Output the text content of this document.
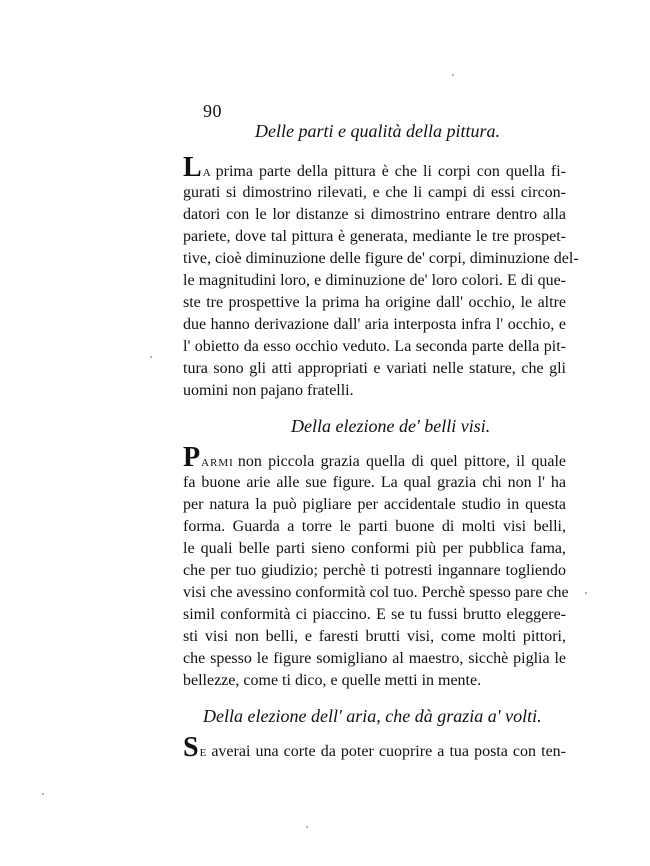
90
Delle parti e qualità della pittura.
LA prima parte della pittura è che li corpi con quella fi-
gurati si dimostrino rilevati, e che li campi di essi circon-
datori con le lor distanze si dimostrino entrare dentro alla
pariete, dove tal pittura è generata, mediante le tre prospet-
tive, cioè diminuzione delle figure de' corpi, diminuzione del-
le magnitudini loro, e diminuzione de' loro colori. E di que-
ste tre prospettive la prima ha origine dall' occhio, le altre
due hanno derivazione dall' aria interposta infra l' occhio, e
l' obietto da esso occhio veduto. La seconda parte della pit-
tura sono gli atti appropriati e variati nelle stature, che gli
uomini non pajano fratelli.
Della elezione de' belli visi.
PARMI non piccola grazia quella di quel pittore, il quale
fa buone arie alle sue figure. La qual grazia chi non l' ha
per natura la può pigliare per accidentale studio in questa
forma. Guarda a torre le parti buone di molti visi belli,
le quali belle parti sieno conformi più per pubblica fama,
che per tuo giudizio; perchè ti potresti ingannare togliendo
visi che avessino conformità col tuo. Perchè spesso pare che
simil conformità ci piaccino. E se tu fussi brutto eleggere-
sti visi non belli, e faresti brutti visi, come molti pittori,
che spesso le figure somigliano al maestro, sicchè piglia le
bellezze, come ti dico, e quelle metti in mente.
Della elezione dell' aria, che dà grazia a' volti.
SE averai una corte da poter cuoprire a tua posta con ten-
